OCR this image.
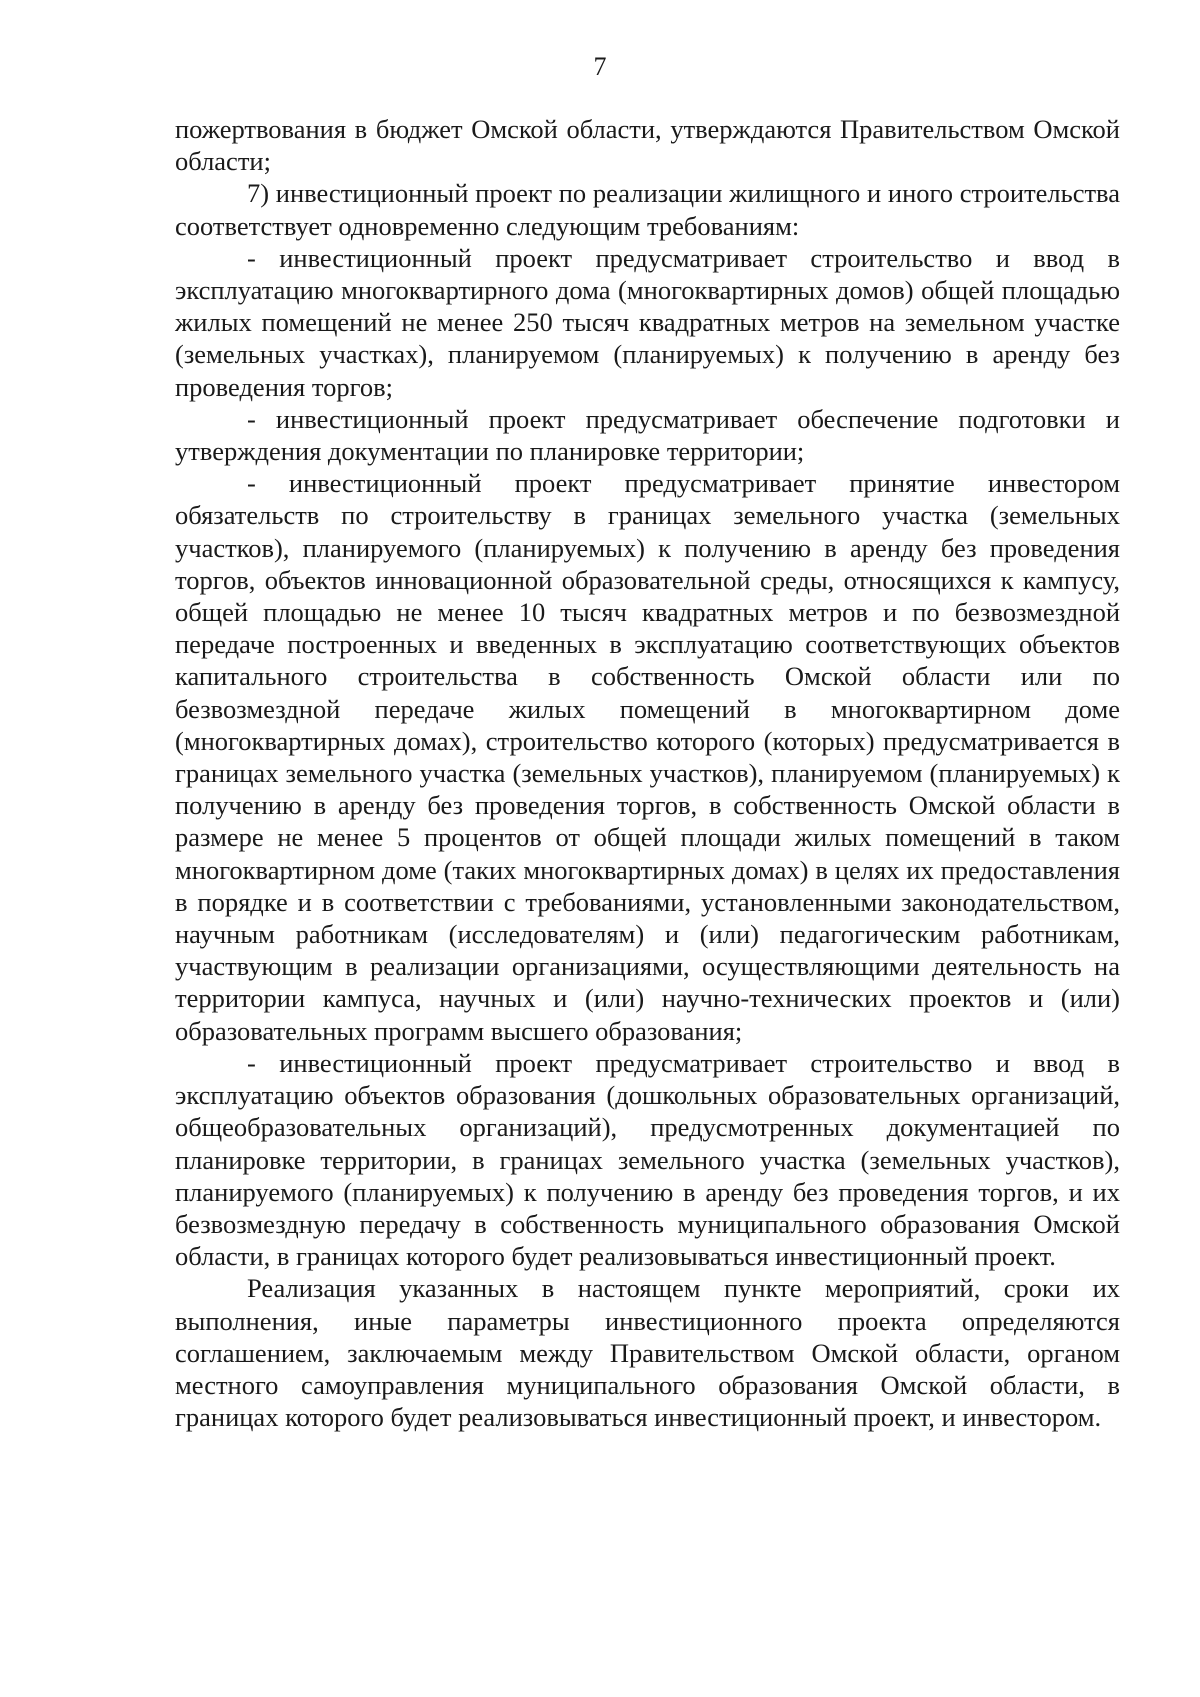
7

пожертвования в бюджет Омской области, утверждаются Правительством Омской области;

7) инвестиционный проект по реализации жилищного и иного строительства соответствует одновременно следующим требованиям:

- инвестиционный проект предусматривает строительство и ввод в эксплуатацию многоквартирного дома (многоквартирных домов) общей площадью жилых помещений не менее 250 тысяч квадратных метров на земельном участке (земельных участках), планируемом (планируемых) к получению в аренду без проведения торгов;

- инвестиционный проект предусматривает обеспечение подготовки и утверждения документации по планировке территории;

- инвестиционный проект предусматривает принятие инвестором обязательств по строительству в границах земельного участка (земельных участков), планируемого (планируемых) к получению в аренду без проведения торгов, объектов инновационной образовательной среды, относящихся к кампусу, общей площадью не менее 10 тысяч квадратных метров и по безвозмездной передаче построенных и введенных в эксплуатацию соответствующих объектов капитального строительства в собственность Омской области или по безвозмездной передаче жилых помещений в многоквартирном доме (многоквартирных домах), строительство которого (которых) предусматривается в границах земельного участка (земельных участков), планируемом (планируемых) к получению в аренду без проведения торгов, в собственность Омской области в размере не менее 5 процентов от общей площади жилых помещений в таком многоквартирном доме (таких многоквартирных домах) в целях их предоставления в порядке и в соответствии с требованиями, установленными законодательством, научным работникам (исследователям) и (или) педагогическим работникам, участвующим в реализации организациями, осуществляющими деятельность на территории кампуса, научных и (или) научно-технических проектов и (или) образовательных программ высшего образования;

- инвестиционный проект предусматривает строительство и ввод в эксплуатацию объектов образования (дошкольных образовательных организаций, общеобразовательных организаций), предусмотренных документацией по планировке территории, в границах земельного участка (земельных участков), планируемого (планируемых) к получению в аренду без проведения торгов, и их безвозмездную передачу в собственность муниципального образования Омской области, в границах которого будет реализовываться инвестиционный проект.

Реализация указанных в настоящем пункте мероприятий, сроки их выполнения, иные параметры инвестиционного проекта определяются соглашением, заключаемым между Правительством Омской области, органом местного самоуправления муниципального образования Омской области, в границах которого будет реализовываться инвестиционный проект, и инвестором.
